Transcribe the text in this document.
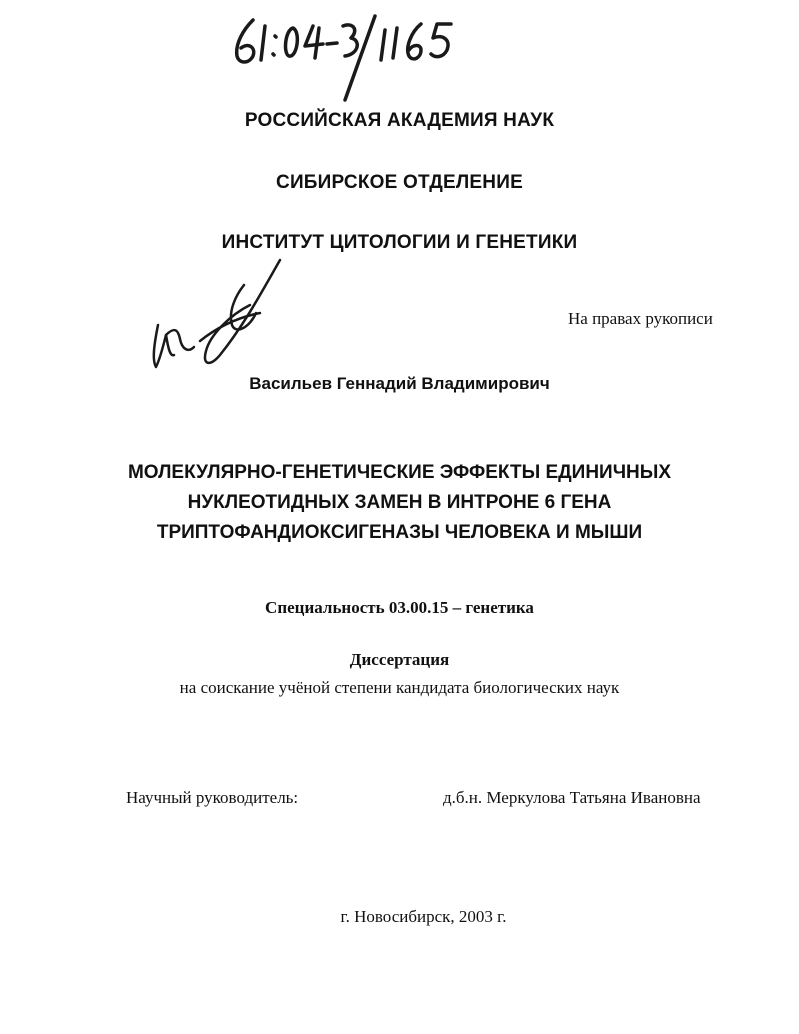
РОССИЙСКАЯ АКАДЕМИЯ НАУК
СИБИРСКОЕ ОТДЕЛЕНИЕ
ИНСТИТУТ ЦИТОЛОГИИ И ГЕНЕТИКИ
На правах рукописи
Васильев Геннадий Владимирович
МОЛЕКУЛЯРНО-ГЕНЕТИЧЕСКИЕ ЭФФЕКТЫ ЕДИНИЧНЫХ
НУКЛЕОТИДНЫХ ЗАМЕН В ИНТРОНЕ 6 ГЕНА
ТРИПТОФАНДИОКСИГЕНАЗЫ ЧЕЛОВЕКА И МЫШИ
Специальность 03.00.15 – генетика
Диссертация
на соискание учёной степени кандидата биологических наук
Научный руководитель:	д.б.н. Меркулова Татьяна Ивановна
г. Новосибирск, 2003 г.
